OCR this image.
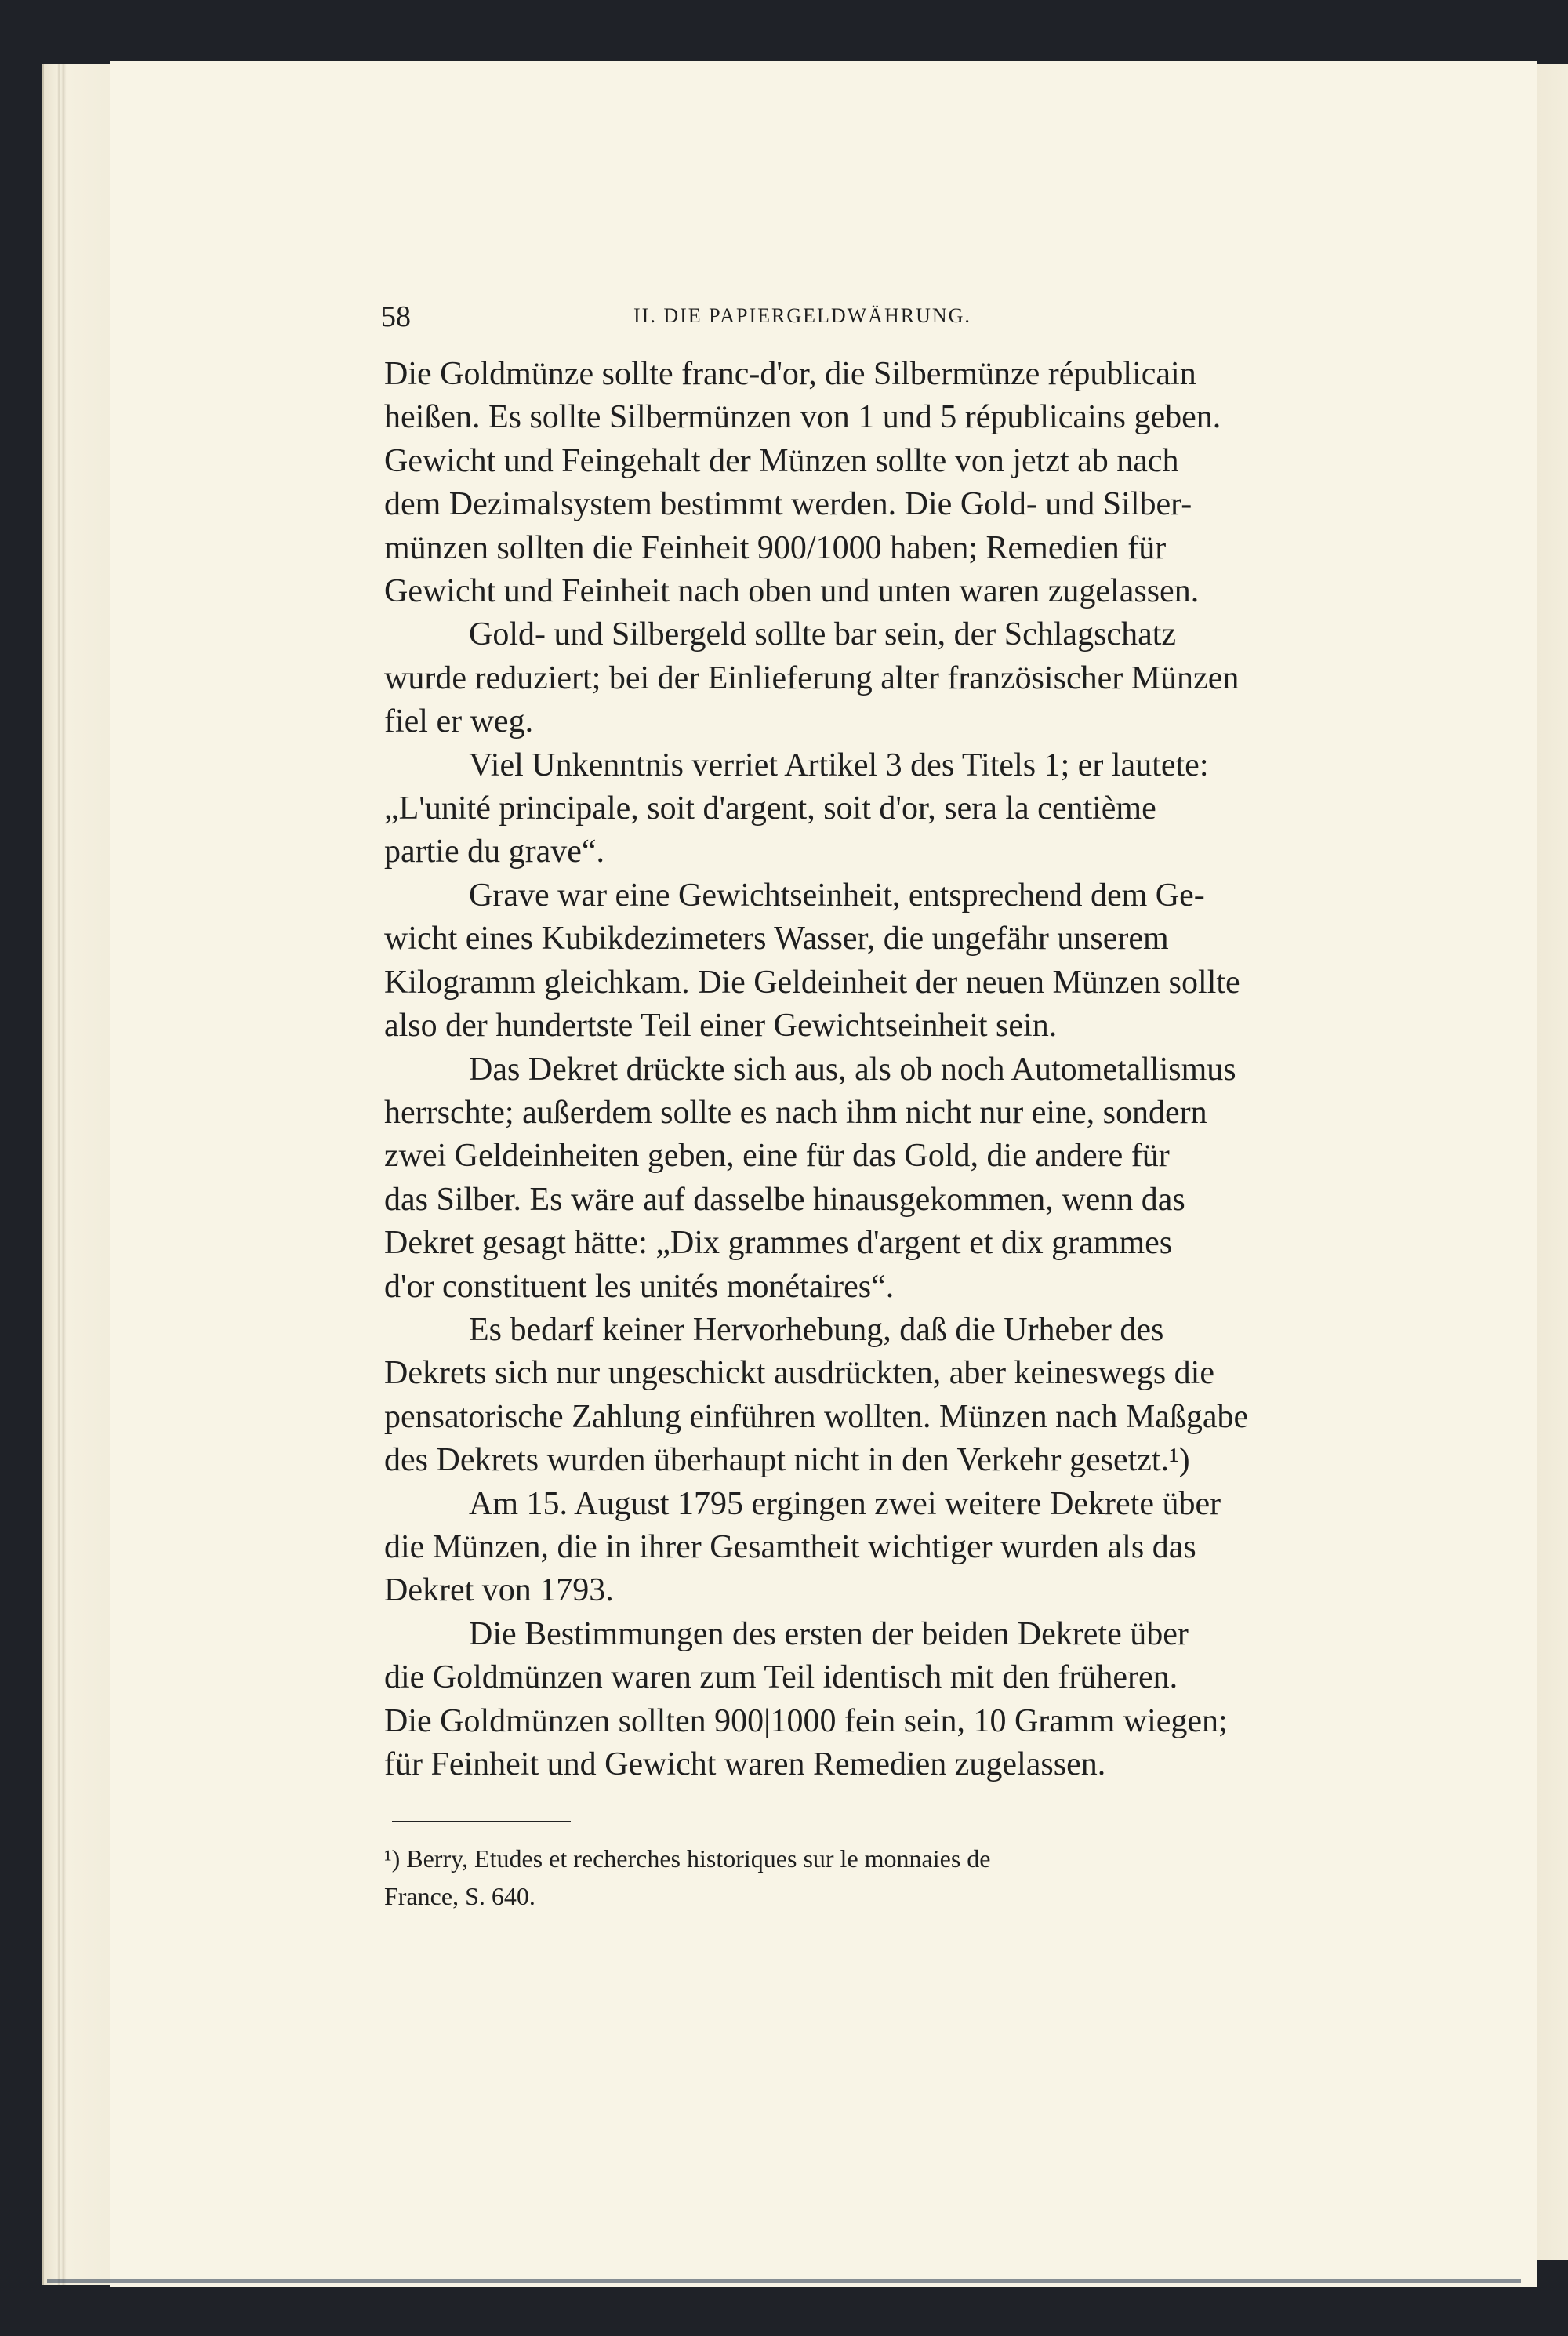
58	II. DIE PAPIERGELDWÄHRUNG.

Die Goldmünze sollte franc-d'or, die Silbermünze républicain
heißen. Es sollte Silbermünzen von 1 und 5 républicains geben.
Gewicht und Feingehalt der Münzen sollte von jetzt ab nach
dem Dezimalsystem bestimmt werden. Die Gold- und Silber-
münzen sollten die Feinheit 900/1000 haben; Remedien für
Gewicht und Feinheit nach oben und unten waren zugelassen.

Gold- und Silbergeld sollte bar sein, der Schlagschatz
wurde reduziert; bei der Einlieferung alter französischer Münzen
fiel er weg.

Viel Unkenntnis verriet Artikel 3 des Titels 1; er lautete:
„L'unité principale, soit d'argent, soit d'or, sera la centième
partie du grave“.

Grave war eine Gewichtseinheit, entsprechend dem Ge-
wicht eines Kubikdezimeters Wasser, die ungefähr unserem
Kilogramm gleichkam. Die Geldeinheit der neuen Münzen sollte
also der hundertste Teil einer Gewichtseinheit sein.

Das Dekret drückte sich aus, als ob noch Autometallismus
herrschte; außerdem sollte es nach ihm nicht nur eine, sondern
zwei Geldeinheiten geben, eine für das Gold, die andere für
das Silber. Es wäre auf dasselbe hinausgekommen, wenn das
Dekret gesagt hätte: „Dix grammes d'argent et dix grammes
d'or constituent les unités monétaires“.

Es bedarf keiner Hervorhebung, daß die Urheber des
Dekrets sich nur ungeschickt ausdrückten, aber keineswegs die
pensatorische Zahlung einführen wollten. Münzen nach Maßgabe
des Dekrets wurden überhaupt nicht in den Verkehr gesetzt.¹)

Am 15. August 1795 ergingen zwei weitere Dekrete über
die Münzen, die in ihrer Gesamtheit wichtiger wurden als das
Dekret von 1793.

Die Bestimmungen des ersten der beiden Dekrete über
die Goldmünzen waren zum Teil identisch mit den früheren.
Die Goldmünzen sollten 900|1000 fein sein, 10 Gramm wiegen;
für Feinheit und Gewicht waren Remedien zugelassen.

¹) Berry, Etudes et recherches historiques sur le monnaies de
France, S. 640.
